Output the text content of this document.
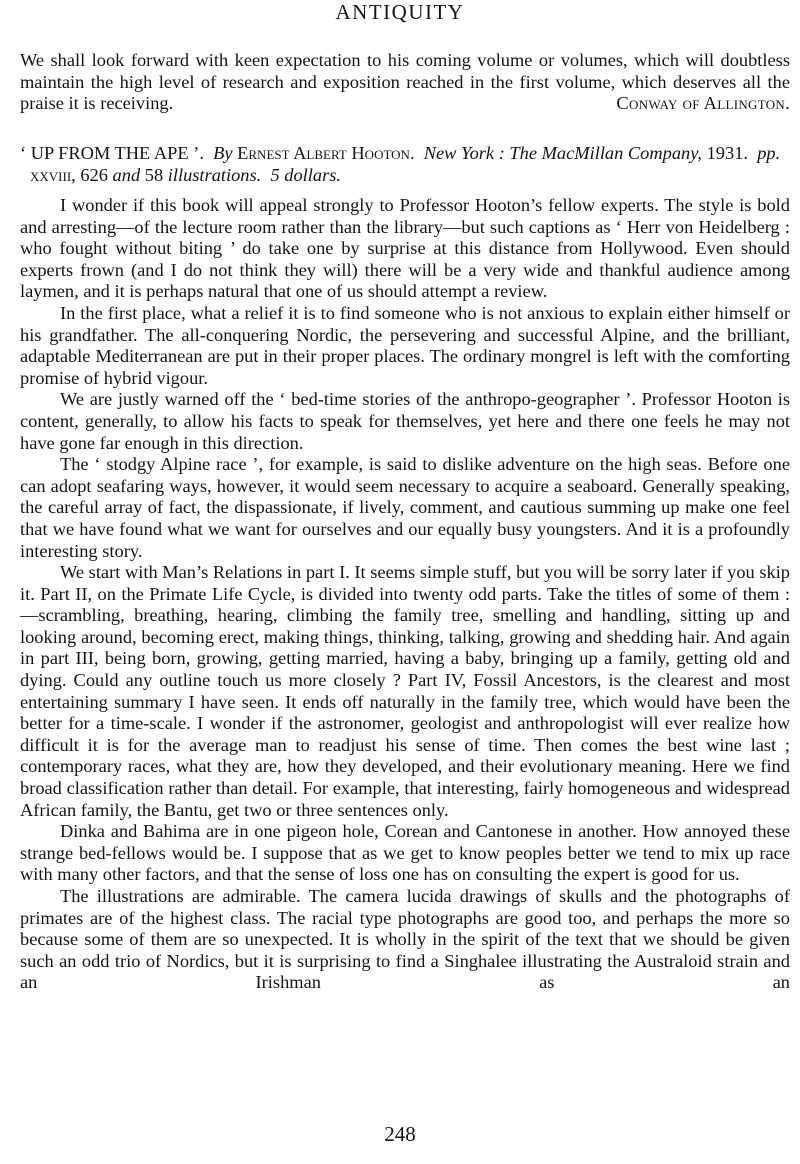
ANTIQUITY

We shall look forward with keen expectation to his coming volume or volumes, which will doubtless maintain the high level of research and exposition reached in the first volume, which deserves all the praise it is receiving.	Conway of Allington.

‘ UP FROM THE APE ’. By Ernest Albert Hooton. New York : The MacMillan Company, 1931. pp. xxviii, 626 and 58 illustrations. 5 dollars.

I wonder if this book will appeal strongly to Professor Hooton’s fellow experts. The style is bold and arresting—of the lecture room rather than the library—but such captions as ‘ Herr von Heidelberg : who fought without biting ’ do take one by surprise at this distance from Hollywood. Even should experts frown (and I do not think they will) there will be a very wide and thankful audience among laymen, and it is perhaps natural that one of us should attempt a review.

In the first place, what a relief it is to find someone who is not anxious to explain either himself or his grandfather. The all-conquering Nordic, the persevering and successful Alpine, and the brilliant, adaptable Mediterranean are put in their proper places. The ordinary mongrel is left with the comforting promise of hybrid vigour.

We are justly warned off the ‘ bed-time stories of the anthropo-geographer ’. Professor Hooton is content, generally, to allow his facts to speak for themselves, yet here and there one feels he may not have gone far enough in this direction.

The ‘ stodgy Alpine race ’, for example, is said to dislike adventure on the high seas. Before one can adopt seafaring ways, however, it would seem necessary to acquire a seaboard. Generally speaking, the careful array of fact, the dispassionate, if lively, comment, and cautious summing up make one feel that we have found what we want for ourselves and our equally busy youngsters. And it is a profoundly interesting story.

We start with Man’s Relations in part I. It seems simple stuff, but you will be sorry later if you skip it. Part II, on the Primate Life Cycle, is divided into twenty odd parts. Take the titles of some of them :—scrambling, breathing, hearing, climbing the family tree, smelling and handling, sitting up and looking around, becoming erect, making things, thinking, talking, growing and shedding hair. And again in part III, being born, growing, getting married, having a baby, bringing up a family, getting old and dying. Could any outline touch us more closely ? Part IV, Fossil Ancestors, is the clearest and most entertaining summary I have seen. It ends off naturally in the family tree, which would have been the better for a time-scale. I wonder if the astronomer, geologist and anthropologist will ever realize how difficult it is for the average man to readjust his sense of time. Then comes the best wine last ; contemporary races, what they are, how they developed, and their evolutionary meaning. Here we find broad classification rather than detail. For example, that interesting, fairly homogeneous and widespread African family, the Bantu, get two or three sentences only.

Dinka and Bahima are in one pigeon hole, Corean and Cantonese in another. How annoyed these strange bed-fellows would be. I suppose that as we get to know peoples better we tend to mix up race with many other factors, and that the sense of loss one has on consulting the expert is good for us.

The illustrations are admirable. The camera lucida drawings of skulls and the photographs of primates are of the highest class. The racial type photographs are good too, and perhaps the more so because some of them are so unexpected. It is wholly in the spirit of the text that we should be given such an odd trio of Nordics, but it is surprising to find a Singhalee illustrating the Australoid strain and an Irishman as an

248
